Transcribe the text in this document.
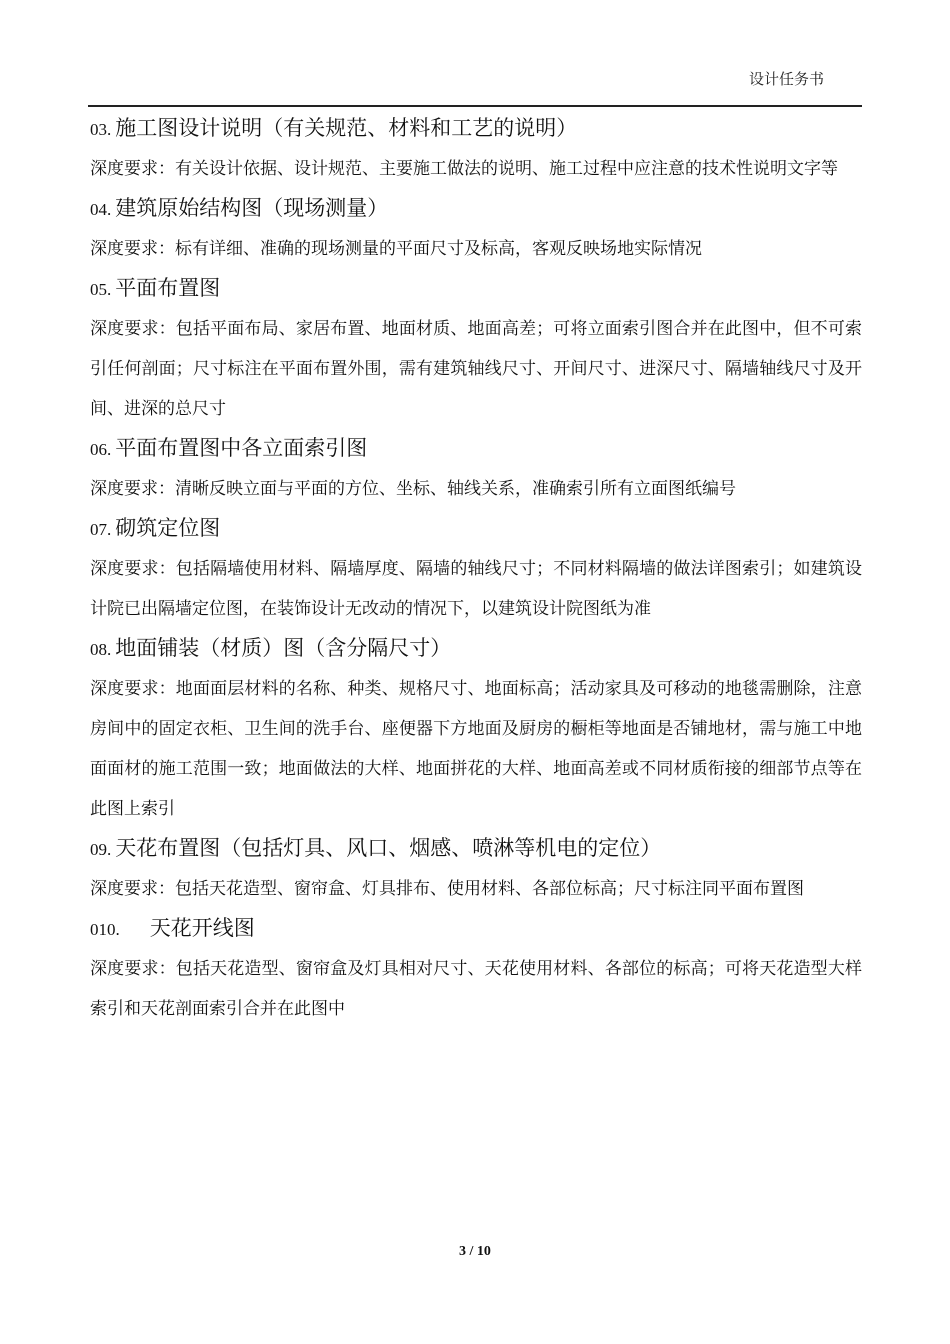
设计任务书

03. 施工图设计说明（有关规范、材料和工艺的说明）

深度要求：有关设计依据、设计规范、主要施工做法的说明、施工过程中应注意的技术性说明文字等

04. 建筑原始结构图（现场测量）

深度要求：标有详细、准确的现场测量的平面尺寸及标高，客观反映场地实际情况

05. 平面布置图

深度要求：包括平面布局、家居布置、地面材质、地面高差；可将立面索引图合并在此图中，但不可索引任何剖面；尺寸标注在平面布置外围，需有建筑轴线尺寸、开间尺寸、进深尺寸、隔墙轴线尺寸及开间、进深的总尺寸

06. 平面布置图中各立面索引图

深度要求：清晰反映立面与平面的方位、坐标、轴线关系，准确索引所有立面图纸编号

07. 砌筑定位图

深度要求：包括隔墙使用材料、隔墙厚度、隔墙的轴线尺寸；不同材料隔墙的做法详图索引；如建筑设计院已出隔墙定位图，在装饰设计无改动的情况下，以建筑设计院图纸为准

08. 地面铺装（材质）图（含分隔尺寸）

深度要求：地面面层材料的名称、种类、规格尺寸、地面标高；活动家具及可移动的地毯需删除，注意房间中的固定衣柜、卫生间的洗手台、座便器下方地面及厨房的橱柜等地面是否铺地材，需与施工中地面面材的施工范围一致；地面做法的大样、地面拼花的大样、地面高差或不同材质衔接的细部节点等在此图上索引

09. 天花布置图（包括灯具、风口、烟感、喷淋等机电的定位）

深度要求：包括天花造型、窗帘盒、灯具排布、使用材料、各部位标高；尺寸标注同平面布置图

010. 天花开线图

深度要求：包括天花造型、窗帘盒及灯具相对尺寸、天花使用材料、各部位的标高；可将天花造型大样索引和天花剖面索引合并在此图中

3 / 10
